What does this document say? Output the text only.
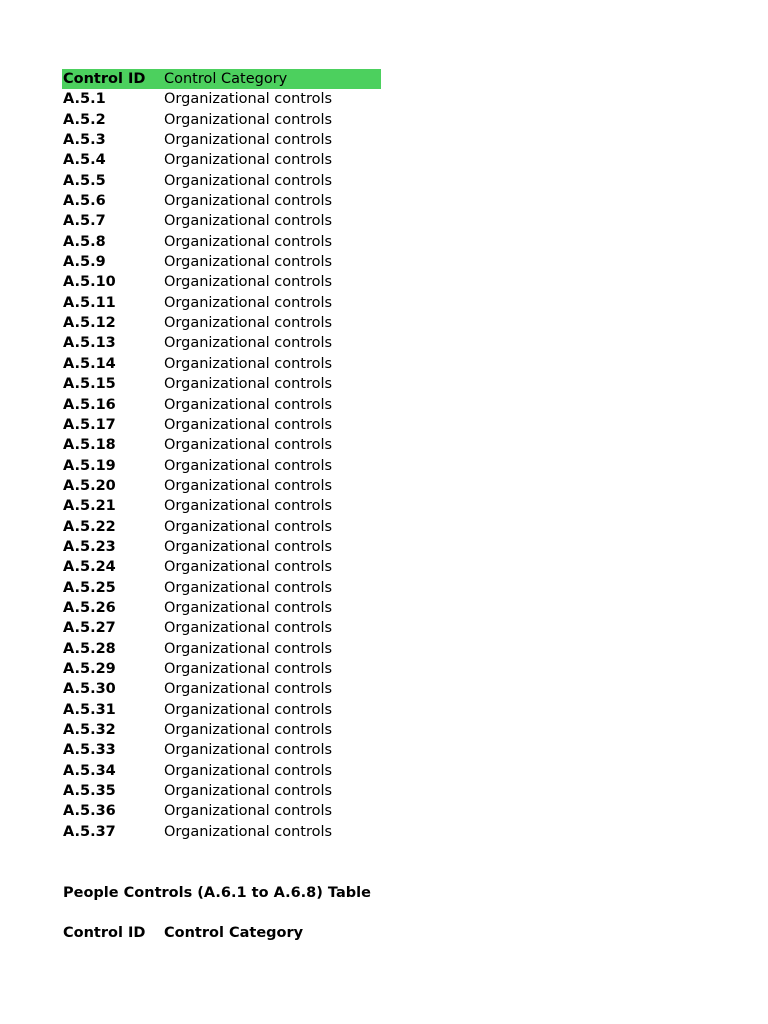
Control ID	Control Category
A.5.1	Organizational controls
A.5.2	Organizational controls
A.5.3	Organizational controls
A.5.4	Organizational controls
A.5.5	Organizational controls
A.5.6	Organizational controls
A.5.7	Organizational controls
A.5.8	Organizational controls
A.5.9	Organizational controls
A.5.10	Organizational controls
A.5.11	Organizational controls
A.5.12	Organizational controls
A.5.13	Organizational controls
A.5.14	Organizational controls
A.5.15	Organizational controls
A.5.16	Organizational controls
A.5.17	Organizational controls
A.5.18	Organizational controls
A.5.19	Organizational controls
A.5.20	Organizational controls
A.5.21	Organizational controls
A.5.22	Organizational controls
A.5.23	Organizational controls
A.5.24	Organizational controls
A.5.25	Organizational controls
A.5.26	Organizational controls
A.5.27	Organizational controls
A.5.28	Organizational controls
A.5.29	Organizational controls
A.5.30	Organizational controls
A.5.31	Organizational controls
A.5.32	Organizational controls
A.5.33	Organizational controls
A.5.34	Organizational controls
A.5.35	Organizational controls
A.5.36	Organizational controls
A.5.37	Organizational controls
People Controls (A.6.1 to A.6.8) Table
Control ID	Control Category
